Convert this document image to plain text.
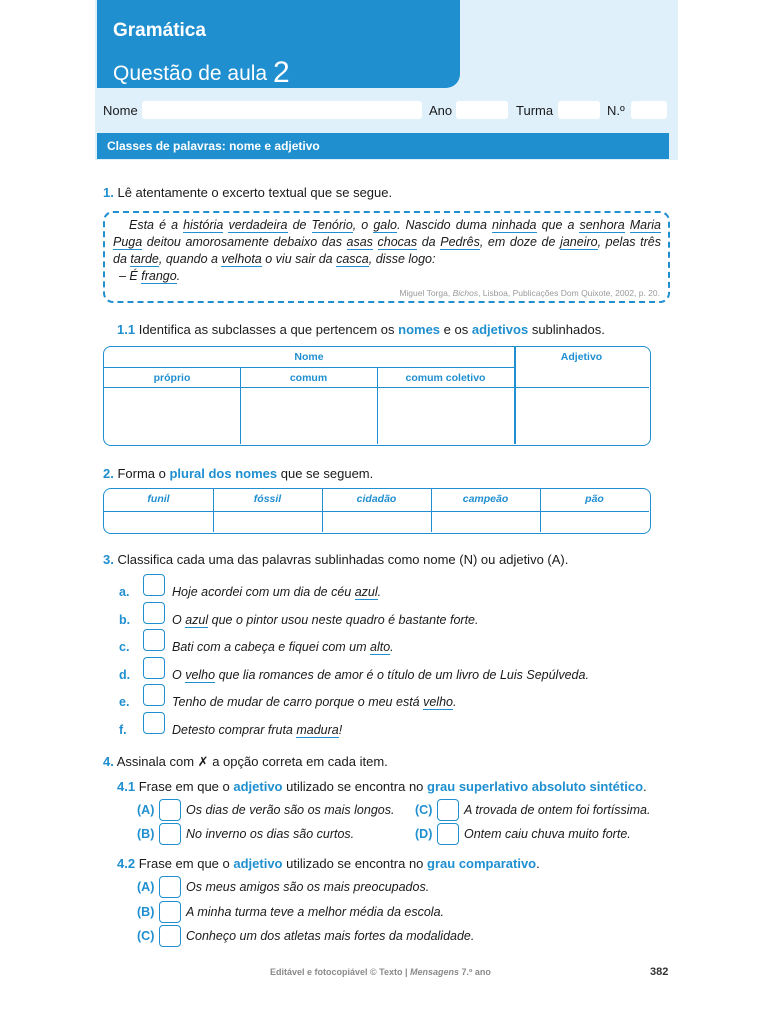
Gramática
Questão de aula 2
Nome	Ano	Turma	N.º
Classes de palavras: nome e adjetivo
1. Lê atentamente o excerto textual que se segue.
Esta é a história verdadeira de Tenório, o galo. Nascido duma ninhada que a senhora Maria Puga deitou amorosamente debaixo das asas chocas da Pedrês, em doze de janeiro, pelas três da tarde, quando a velhota o viu sair da casca, disse logo:
– É frango.
Miguel Torga, Bichos, Lisboa, Publicações Dom Quixote, 2002, p. 20.
1.1 Identifica as subclasses a que pertencem os nomes e os adjetivos sublinhados.
Nome	Adjetivo
próprio	comum	comum coletivo
2. Forma o plural dos nomes que se seguem.
funil	fóssil	cidadão	campeão	pão
3. Classifica cada uma das palavras sublinhadas como nome (N) ou adjetivo (A).
a.	Hoje acordei com um dia de céu azul.
b.	O azul que o pintor usou neste quadro é bastante forte.
c.	Bati com a cabeça e fiquei com um alto.
d.	O velho que lia romances de amor é o título de um livro de Luis Sepúlveda.
e.	Tenho de mudar de carro porque o meu está velho.
f.	Detesto comprar fruta madura!
4. Assinala com ✗ a opção correta em cada item.
4.1 Frase em que o adjetivo utilizado se encontra no grau superlativo absoluto sintético.
4.2 Frase em que o adjetivo utilizado se encontra no grau comparativo.
(A)	Os dias de verão são os mais longos. (C)	A trovada de ontem foi fortíssima.
(B)	No inverno os dias são curtos.	(D)	Ontem caiu chuva muito forte.
(A)	Os meus amigos são os mais preocupados.
(B)	A minha turma teve a melhor média da escola.
(C)	Conheço um dos atletas mais fortes da modalidade.
Editável e fotocopiável © Texto | Mensagens 7.º ano	382
